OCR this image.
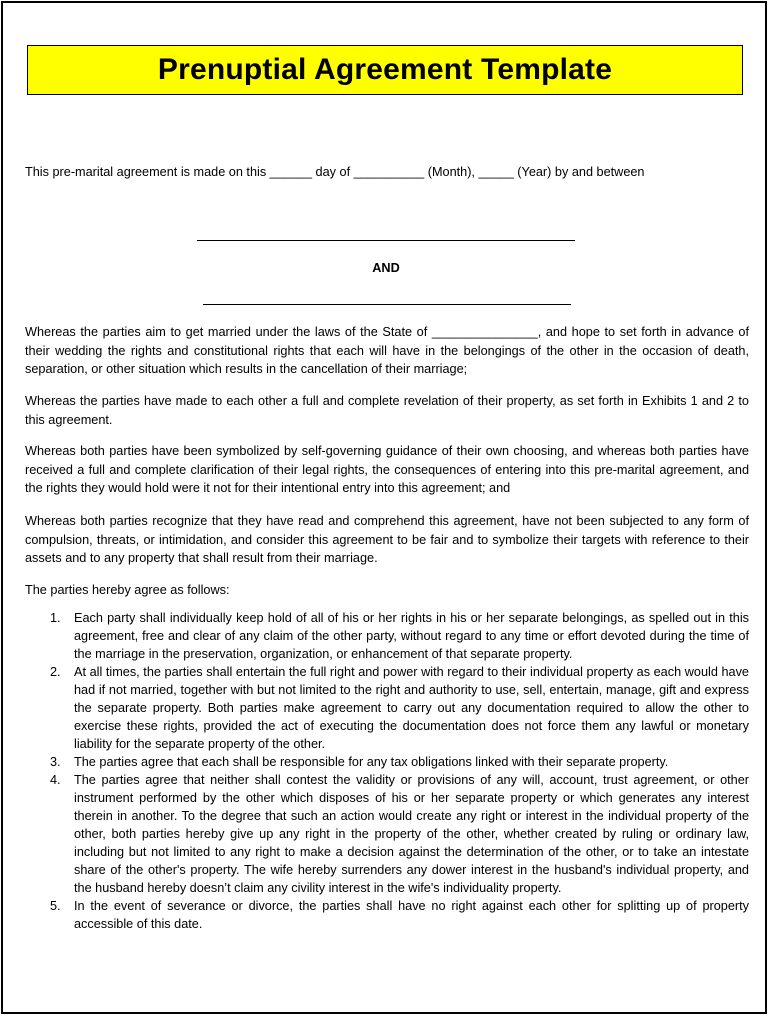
Prenuptial Agreement Template

This pre-marital agreement is made on this ______ day of __________ (Month), _____ (Year) by and between

AND

Whereas the parties aim to get married under the laws of the State of _______________, and hope to set forth in advance of their wedding the rights and constitutional rights that each will have in the belongings of the other in the occasion of death, separation, or other situation which results in the cancellation of their marriage;

Whereas the parties have made to each other a full and complete revelation of their property, as set forth in Exhibits 1 and 2 to this agreement.

Whereas both parties have been symbolized by self-governing guidance of their own choosing, and whereas both parties have received a full and complete clarification of their legal rights, the consequences of entering into this pre-marital agreement, and the rights they would hold were it not for their intentional entry into this agreement; and

Whereas both parties recognize that they have read and comprehend this agreement, have not been subjected to any form of compulsion, threats, or intimidation, and consider this agreement to be fair and to symbolize their targets with reference to their assets and to any property that shall result from their marriage.

The parties hereby agree as follows:

1.	Each party shall individually keep hold of all of his or her rights in his or her separate belongings, as spelled out in this agreement, free and clear of any claim of the other party, without regard to any time or effort devoted during the time of the marriage in the preservation, organization, or enhancement of that separate property.
2.	At all times, the parties shall entertain the full right and power with regard to their individual property as each would have had if not married, together with but not limited to the right and authority to use, sell, entertain, manage, gift and express the separate property. Both parties make agreement to carry out any documentation required to allow the other to exercise these rights, provided the act of executing the documentation does not force them any lawful or monetary liability for the separate property of the other.
3.	The parties agree that each shall be responsible for any tax obligations linked with their separate property.
4.	The parties agree that neither shall contest the validity or provisions of any will, account, trust agreement, or other instrument performed by the other which disposes of his or her separate property or which generates any interest therein in another. To the degree that such an action would create any right or interest in the individual property of the other, both parties hereby give up any right in the property of the other, whether created by ruling or ordinary law, including but not limited to any right to make a decision against the determination of the other, or to take an intestate share of the other's property. The wife hereby surrenders any dower interest in the husband's individual property, and the husband hereby doesn’t claim any civility interest in the wife's individuality property.
5.	In the event of severance or divorce, the parties shall have no right against each other for splitting up of property accessible of this date.
